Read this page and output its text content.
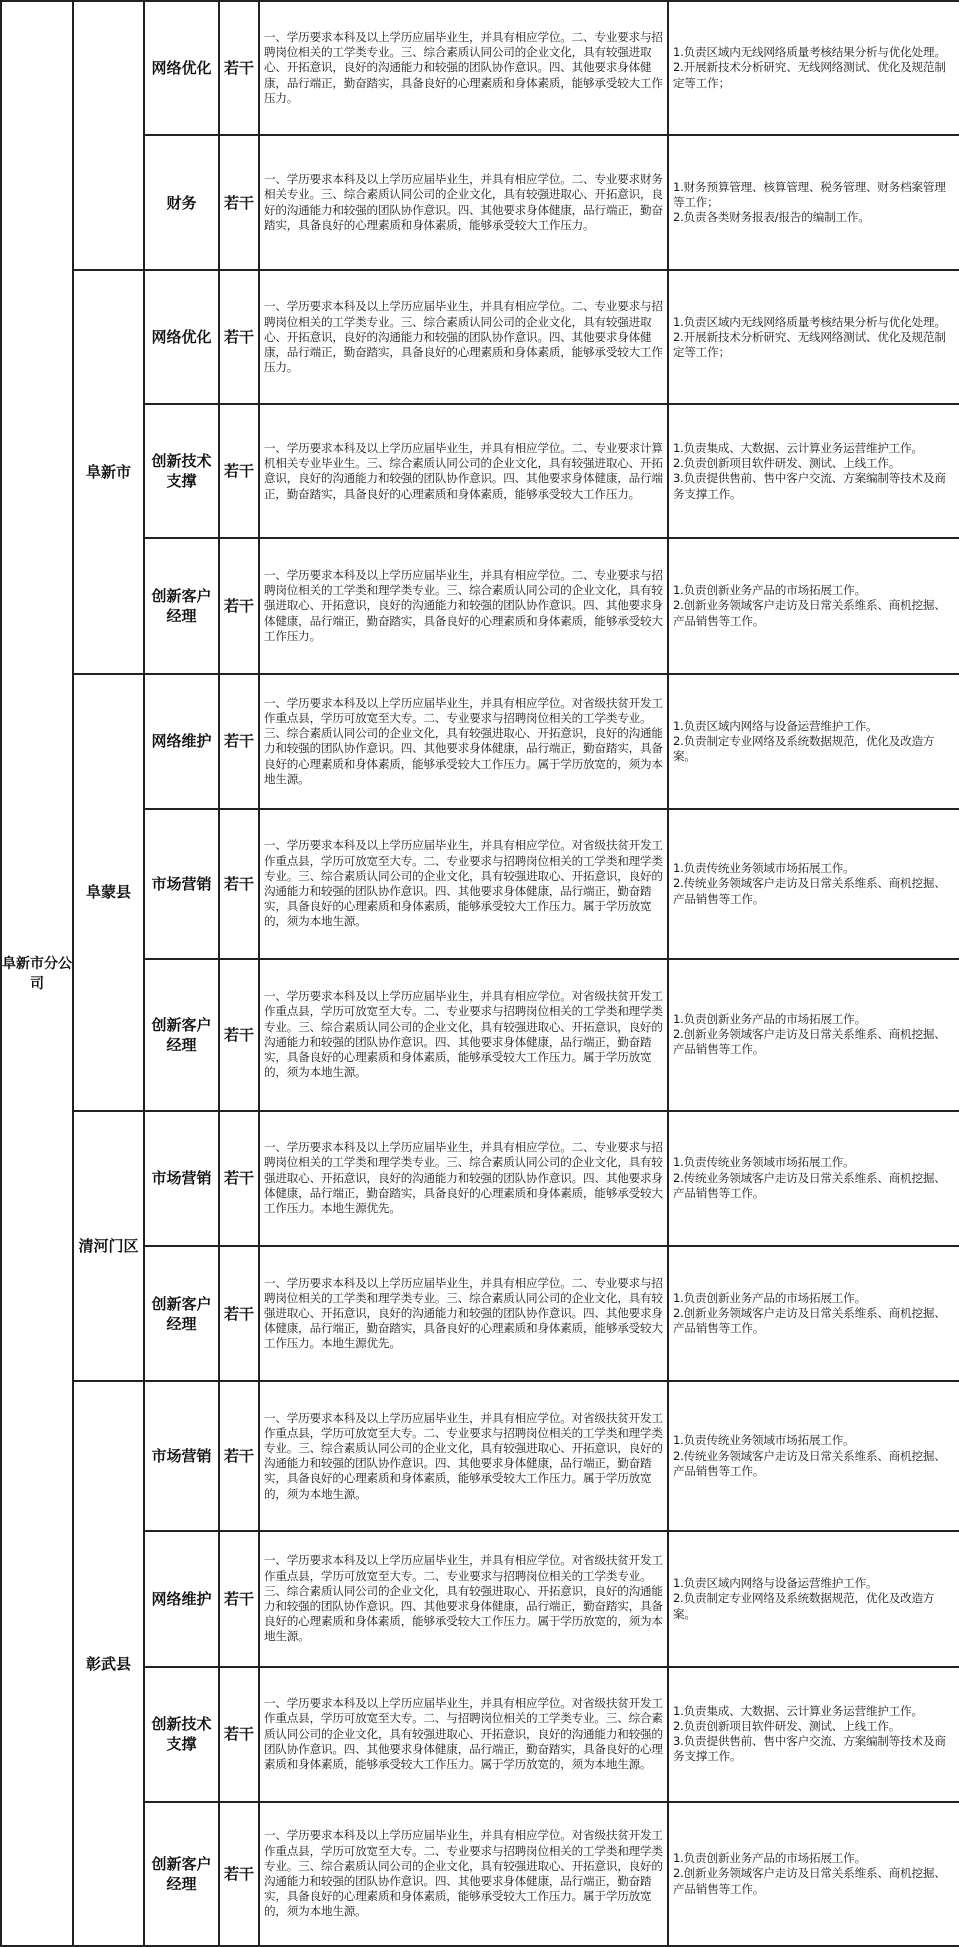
阜新市分公司		网络优化	若干	一、学历要求本科及以上学历应届毕业生，并具有相应学位。二、专业要求与招聘岗位相关的工学类专业。三、综合素质认同公司的企业文化，具有较强进取心、开拓意识，良好的沟通能力和较强的团队协作意识。四、其他要求身体健康，品行端正，勤奋踏实，具备良好的心理素质和身体素质，能够承受较大工作压力。	1.负责区域内无线网络质量考核结果分析与优化处理。
2.开展新技术分析研究、无线网络测试、优化及规范制定等工作；
		财务	若干	一、学历要求本科及以上学历应届毕业生，并具有相应学位。二、专业要求财务相关专业。三、综合素质认同公司的企业文化，具有较强进取心、开拓意识，良好的沟通能力和较强的团队协作意识。四、其他要求身体健康，品行端正，勤奋踏实，具备良好的心理素质和身体素质，能够承受较大工作压力。	1.财务预算管理、核算管理、税务管理、财务档案管理等工作；
2.负责各类财务报表/报告的编制工作。
	阜新市	网络优化	若干	一、学历要求本科及以上学历应届毕业生，并具有相应学位。二、专业要求与招聘岗位相关的工学类专业。三、综合素质认同公司的企业文化，具有较强进取心、开拓意识，良好的沟通能力和较强的团队协作意识。四、其他要求身体健康，品行端正，勤奋踏实，具备良好的心理素质和身体素质，能够承受较大工作压力。	1.负责区域内无线网络质量考核结果分析与优化处理。
2.开展新技术分析研究、无线网络测试、优化及规范制定等工作；
		创新技术支撑	若干	一、学历要求本科及以上学历应届毕业生，并具有相应学位。二、专业要求计算机相关专业毕业生。三、综合素质认同公司的企业文化，具有较强进取心、开拓意识，良好的沟通能力和较强的团队协作意识。四、其他要求身体健康，品行端正，勤奋踏实，具备良好的心理素质和身体素质，能够承受较大工作压力。	1.负责集成、大数据、云计算业务运营维护工作。
2.负责创新项目软件研发、测试、上线工作。
3.负责提供售前、售中客户交流、方案编制等技术及商务支撑工作。
		创新客户经理	若干	一、学历要求本科及以上学历应届毕业生，并具有相应学位。二、专业要求与招聘岗位相关的工学类和理学类专业。三、综合素质认同公司的企业文化，具有较强进取心、开拓意识，良好的沟通能力和较强的团队协作意识。四、其他要求身体健康，品行端正，勤奋踏实，具备良好的心理素质和身体素质，能够承受较大工作压力。	1.负责创新业务产品的市场拓展工作。
2.创新业务领域客户走访及日常关系维系、商机挖掘、产品销售等工作。
	阜蒙县	网络维护	若干	一、学历要求本科及以上学历应届毕业生，并具有相应学位。对省级扶贫开发工作重点县，学历可放宽至大专。二、专业要求与招聘岗位相关的工学类专业。三、综合素质认同公司的企业文化，具有较强进取心、开拓意识，良好的沟通能力和较强的团队协作意识。四、其他要求身体健康，品行端正，勤奋踏实，具备良好的心理素质和身体素质，能够承受较大工作压力。属于学历放宽的，须为本地生源。	1.负责区域内网络与设备运营维护工作。
2.负责制定专业网络及系统数据规范，优化及改造方案。
		市场营销	若干	一、学历要求本科及以上学历应届毕业生，并具有相应学位。对省级扶贫开发工作重点县，学历可放宽至大专。二、专业要求与招聘岗位相关的工学类和理学类专业。三、综合素质认同公司的企业文化，具有较强进取心、开拓意识，良好的沟通能力和较强的团队协作意识。四、其他要求身体健康，品行端正，勤奋踏实，具备良好的心理素质和身体素质，能够承受较大工作压力。属于学历放宽的，须为本地生源。	1.负责传统业务领域市场拓展工作。
2.传统业务领域客户走访及日常关系维系、商机挖掘、产品销售等工作。
		创新客户经理	若干	一、学历要求本科及以上学历应届毕业生，并具有相应学位。对省级扶贫开发工作重点县，学历可放宽至大专。二、专业要求与招聘岗位相关的工学类和理学类专业。三、综合素质认同公司的企业文化，具有较强进取心、开拓意识，良好的沟通能力和较强的团队协作意识。四、其他要求身体健康，品行端正，勤奋踏实，具备良好的心理素质和身体素质，能够承受较大工作压力。属于学历放宽的，须为本地生源。	1.负责创新业务产品的市场拓展工作。
2.创新业务领域客户走访及日常关系维系、商机挖掘、产品销售等工作。
	清河门区	市场营销	若干	一、学历要求本科及以上学历应届毕业生，并具有相应学位。二、专业要求与招聘岗位相关的工学类和理学类专业。三、综合素质认同公司的企业文化，具有较强进取心、开拓意识，良好的沟通能力和较强的团队协作意识。四、其他要求身体健康，品行端正，勤奋踏实，具备良好的心理素质和身体素质，能够承受较大工作压力。本地生源优先。	1.负责传统业务领域市场拓展工作。
2.传统业务领域客户走访及日常关系维系、商机挖掘、产品销售等工作。
		创新客户经理	若干	一、学历要求本科及以上学历应届毕业生，并具有相应学位。二、专业要求与招聘岗位相关的工学类和理学类专业。三、综合素质认同公司的企业文化，具有较强进取心、开拓意识，良好的沟通能力和较强的团队协作意识。四、其他要求身体健康，品行端正，勤奋踏实，具备良好的心理素质和身体素质，能够承受较大工作压力。本地生源优先。	1.负责创新业务产品的市场拓展工作。
2.创新业务领域客户走访及日常关系维系、商机挖掘、产品销售等工作。
	彰武县	市场营销	若干	一、学历要求本科及以上学历应届毕业生，并具有相应学位。对省级扶贫开发工作重点县，学历可放宽至大专。二、专业要求与招聘岗位相关的工学类和理学类专业。三、综合素质认同公司的企业文化，具有较强进取心、开拓意识，良好的沟通能力和较强的团队协作意识。四、其他要求身体健康，品行端正，勤奋踏实，具备良好的心理素质和身体素质，能够承受较大工作压力。属于学历放宽的，须为本地生源。	1.负责传统业务领域市场拓展工作。
2.传统业务领域客户走访及日常关系维系、商机挖掘、产品销售等工作。
		网络维护	若干	一、学历要求本科及以上学历应届毕业生，并具有相应学位。对省级扶贫开发工作重点县，学历可放宽至大专。二、专业要求与招聘岗位相关的工学类专业。三、综合素质认同公司的企业文化，具有较强进取心、开拓意识，良好的沟通能力和较强的团队协作意识。四、其他要求身体健康，品行端正，勤奋踏实，具备良好的心理素质和身体素质，能够承受较大工作压力。属于学历放宽的，须为本地生源。	1.负责区域内网络与设备运营维护工作。
2.负责制定专业网络及系统数据规范，优化及改造方案。
		创新技术支撑	若干	一、学历要求本科及以上学历应届毕业生，并具有相应学位。对省级扶贫开发工作重点县，学历可放宽至大专。二、与招聘岗位相关的工学类专业。三、综合素质认同公司的企业文化，具有较强进取心、开拓意识，良好的沟通能力和较强的团队协作意识。四、其他要求身体健康，品行端正，勤奋踏实，具备良好的心理素质和身体素质，能够承受较大工作压力。属于学历放宽的，须为本地生源。	1.负责集成、大数据、云计算业务运营维护工作。
2.负责创新项目软件研发、测试、上线工作。
3.负责提供售前、售中客户交流、方案编制等技术及商务支撑工作。
		创新客户经理	若干	一、学历要求本科及以上学历应届毕业生，并具有相应学位。对省级扶贫开发工作重点县，学历可放宽至大专。二、专业要求与招聘岗位相关的工学类和理学类专业。三、综合素质认同公司的企业文化，具有较强进取心、开拓意识，良好的沟通能力和较强的团队协作意识。四、其他要求身体健康，品行端正，勤奋踏实，具备良好的心理素质和身体素质，能够承受较大工作压力。属于学历放宽的，须为本地生源。	1.负责创新业务产品的市场拓展工作。
2.创新业务领域客户走访及日常关系维系、商机挖掘、产品销售等工作。
